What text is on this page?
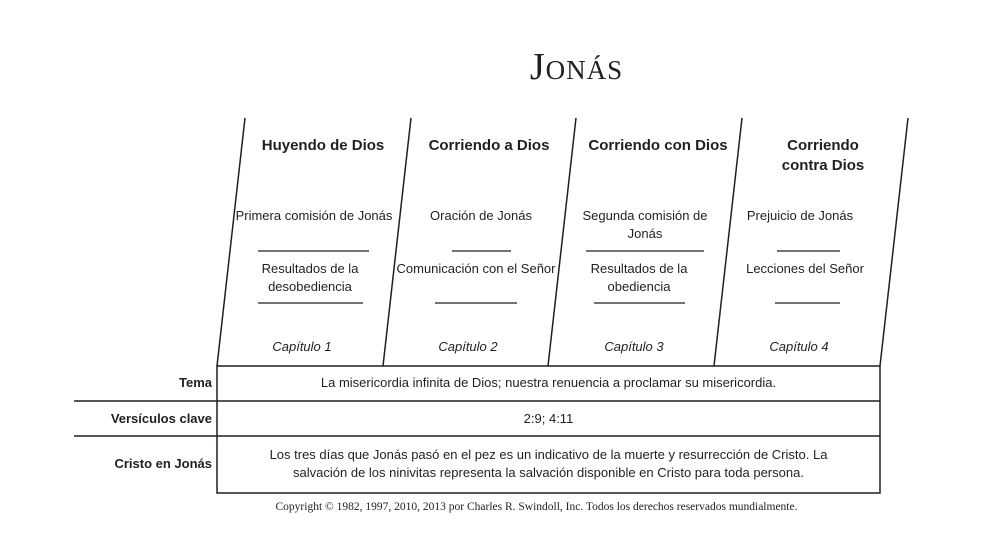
Jonás
Huyendo de Dios
Primera comisión de Jonás
Resultados de la desobediencia
Capítulo 1
Corriendo a Dios
Oración de Jonás
Comunicación con el Señor
Capítulo 2
Corriendo con Dios
Segunda comisión de Jonás
Resultados de la obediencia
Capítulo 3
Corriendo contra Dios
Prejuicio de Jonás
Lecciones del Señor
Capítulo 4
Tema	La misericordia infinita de Dios; nuestra renuencia a proclamar su misericordia.
Versículos clave	2:9; 4:11
Cristo en Jonás
Los tres días que Jonás pasó en el pez es un indicativo de la muerte y resurrección de Cristo. La salvación de los ninivitas representa la salvación disponible en Cristo para toda persona.
Copyright © 1982, 1997, 2010, 2013 por Charles R. Swindoll, Inc. Todos los derechos reservados mundialmente.
